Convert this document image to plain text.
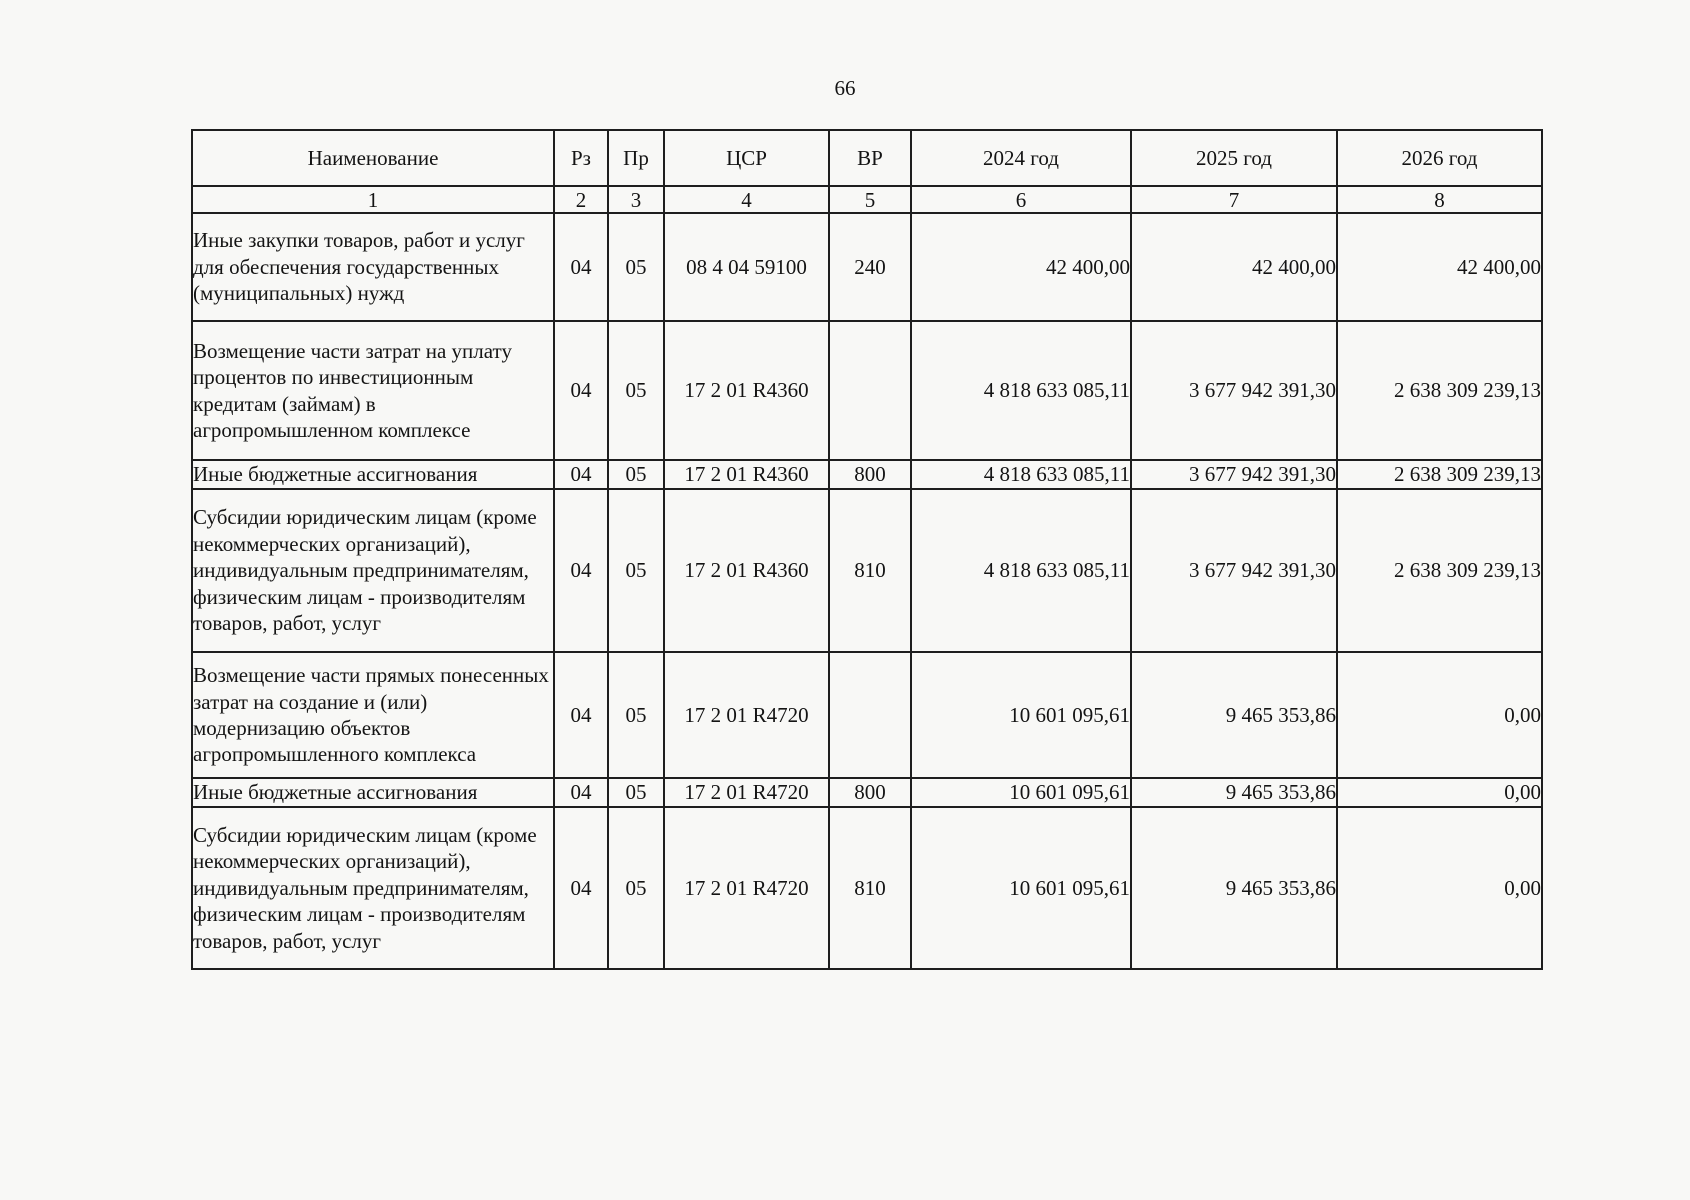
66
Наименование	Рз	Пр	ЦСР	ВР	2024 год	2025 год	2026 год
1	2	3	4	5	6	7	8
Иные закупки товаров, работ и услуг для обеспечения государственных (муниципальных) нужд	04	05	08 4 04 59100	240	42 400,00	42 400,00	42 400,00
Возмещение части затрат на уплату процентов по инвестиционным кредитам (займам) в агропромышленном комплексе	04	05	17 2 01 R4360		4 818 633 085,11	3 677 942 391,30	2 638 309 239,13
Иные бюджетные ассигнования	04	05	17 2 01 R4360	800	4 818 633 085,11	3 677 942 391,30	2 638 309 239,13
Субсидии юридическим лицам (кроме некоммерческих организаций), индивидуальным предпринимателям, физическим лицам - производителям товаров, работ, услуг	04	05	17 2 01 R4360	810	4 818 633 085,11	3 677 942 391,30	2 638 309 239,13
Возмещение части прямых понесенных затрат на создание и (или) модернизацию объектов агропромышленного комплекса	04	05	17 2 01 R4720		10 601 095,61	9 465 353,86	0,00
Иные бюджетные ассигнования	04	05	17 2 01 R4720	800	10 601 095,61	9 465 353,86	0,00
Субсидии юридическим лицам (кроме некоммерческих организаций), индивидуальным предпринимателям, физическим лицам - производителям товаров, работ, услуг	04	05	17 2 01 R4720	810	10 601 095,61	9 465 353,86	0,00
